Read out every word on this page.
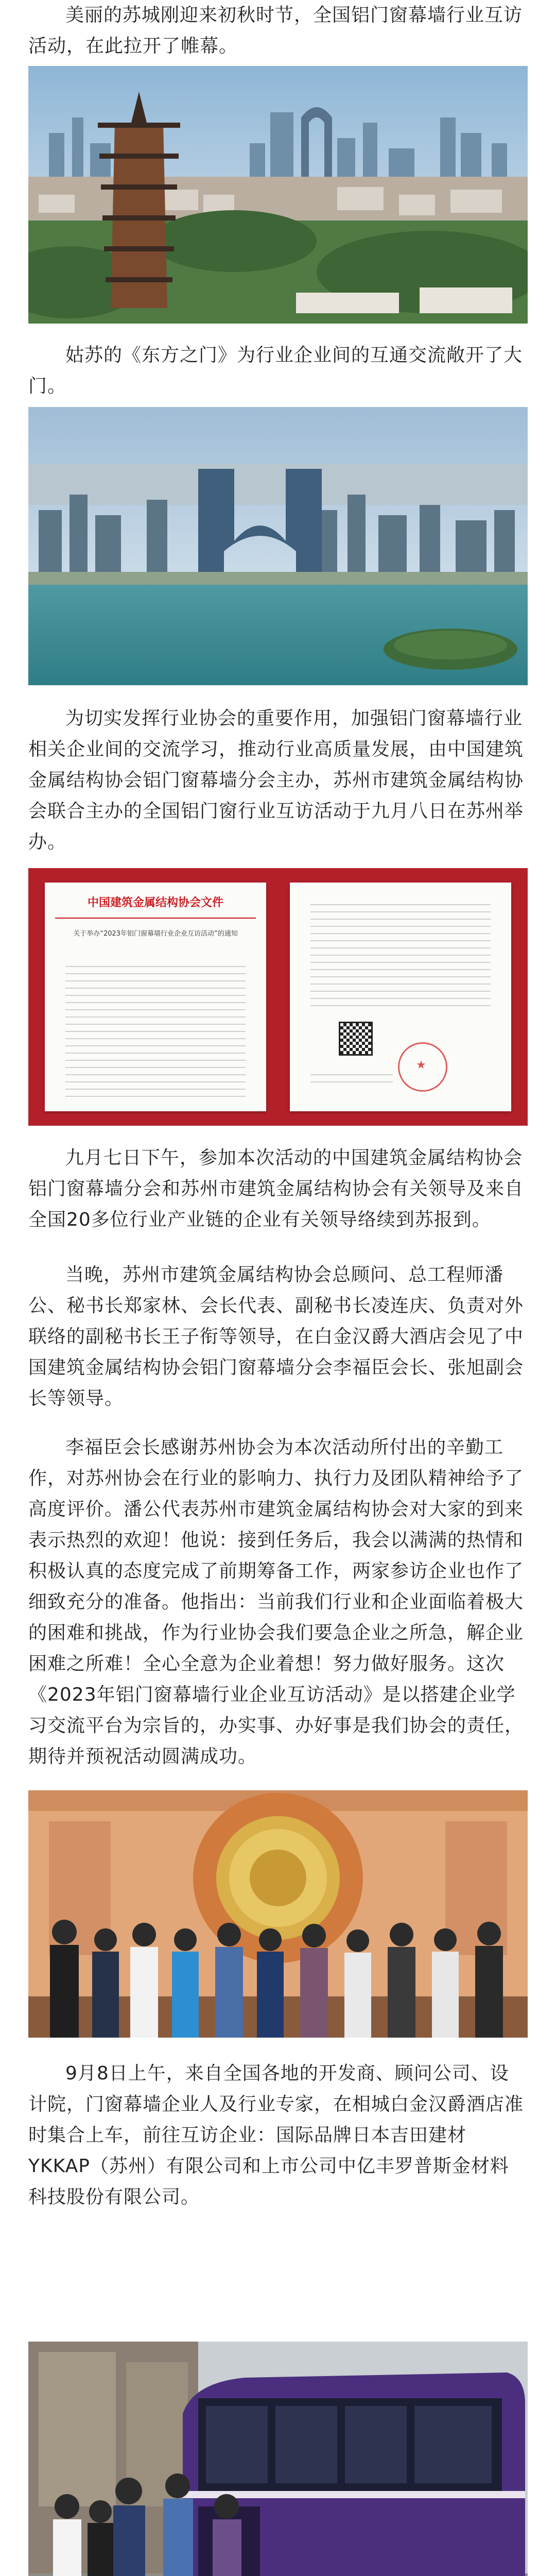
美丽的苏城刚迎来初秋时节，全国铝门窗幕墙行业互访活动，在此拉开了帷幕。

姑苏的《东方之门》为行业企业间的互通交流敞开了大门。

为切实发挥行业协会的重要作用，加强铝门窗幕墙行业相关企业间的交流学习，推动行业高质量发展，由中国建筑金属结构协会铝门窗幕墙分会主办，苏州市建筑金属结构协会联合主办的全国铝门窗行业互访活动于九月八日在苏州举办。

中国建筑金属结构协会文件
关于举办“2023年铝门窗幕墙行业企业互访活动”的通知
★

九月七日下午，参加本次活动的中国建筑金属结构协会铝门窗幕墙分会和苏州市建筑金属结构协会有关领导及来自全国20多位行业产业链的企业有关领导络续到苏报到。

当晚，苏州市建筑金属结构协会总顾问、总工程师潘公、秘书长郑家林、会长代表、副秘书长凌连庆、负责对外联络的副秘书长王子衔等领导，在白金汉爵大酒店会见了中国建筑金属结构协会铝门窗幕墙分会李福臣会长、张旭副会长等领导。

李福臣会长感谢苏州协会为本次活动所付出的辛勤工作，对苏州协会在行业的影响力、执行力及团队精神给予了高度评价。潘公代表苏州市建筑金属结构协会对大家的到来表示热烈的欢迎！他说：接到任务后，我会以满满的热情和积极认真的态度完成了前期筹备工作，两家参访企业也作了细致充分的准备。他指出：当前我们行业和企业面临着极大的困难和挑战，作为行业协会我们要急企业之所急，解企业困难之所难！全心全意为企业着想！努力做好服务。这次《2023年铝门窗幕墙行业企业互访活动》是以搭建企业学习交流平台为宗旨的，办实事、办好事是我们协会的责任，期待并预祝活动圆满成功。

9月8日上午，来自全国各地的开发商、顾问公司、设计院，门窗幕墙企业人及行业专家，在相城白金汉爵酒店准时集合上车，前往互访企业：国际品牌日本吉田建材YKKAP（苏州）有限公司和上市公司中亿丰罗普斯金材料科技股份有限公司。
